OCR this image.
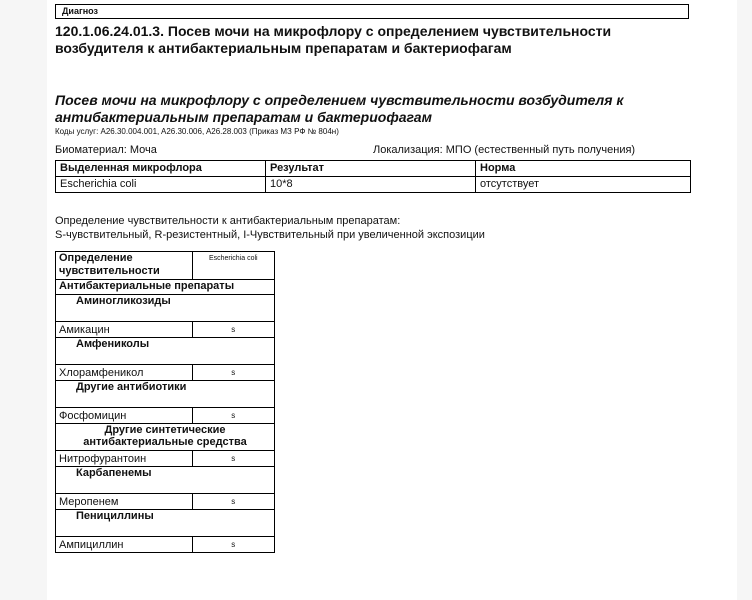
Диагноз
120.1.06.24.01.3. Посев мочи на микрофлору с определением чувствительности возбудителя к антибактериальным препаратам и бактериофагам
Посев мочи на микрофлору с определением чувствительности возбудителя к антибактериальным препаратам и бактериофагам
Коды услуг: A26.30.004.001, A26.30.006, A26.28.003 (Приказ МЗ РФ № 804н)
Биоматериал: Моча	Локализация: МПО (естественный путь получения)
Выделенная микрофлора	Результат	Норма
Escherichia coli	10*8	отсутствует
Определение чувствительности к антибактериальным препаратам:
S-чувствительный, R-резистентный, I-Чувствительный при увеличенной экспозиции
Определение чувствительности	Escherichia coli
Антибактериальные препараты	
Аминогликозиды	
Амикацин	s
Амфениколы	
Хлорамфеникол	s
Другие антибиотики	
Фосфомицин	s
Другие синтетические антибактериальные средства	
Нитрофурантоин	s
Карбапенемы	
Меропенем	s
Пенициллины	
Ампициллин	s
